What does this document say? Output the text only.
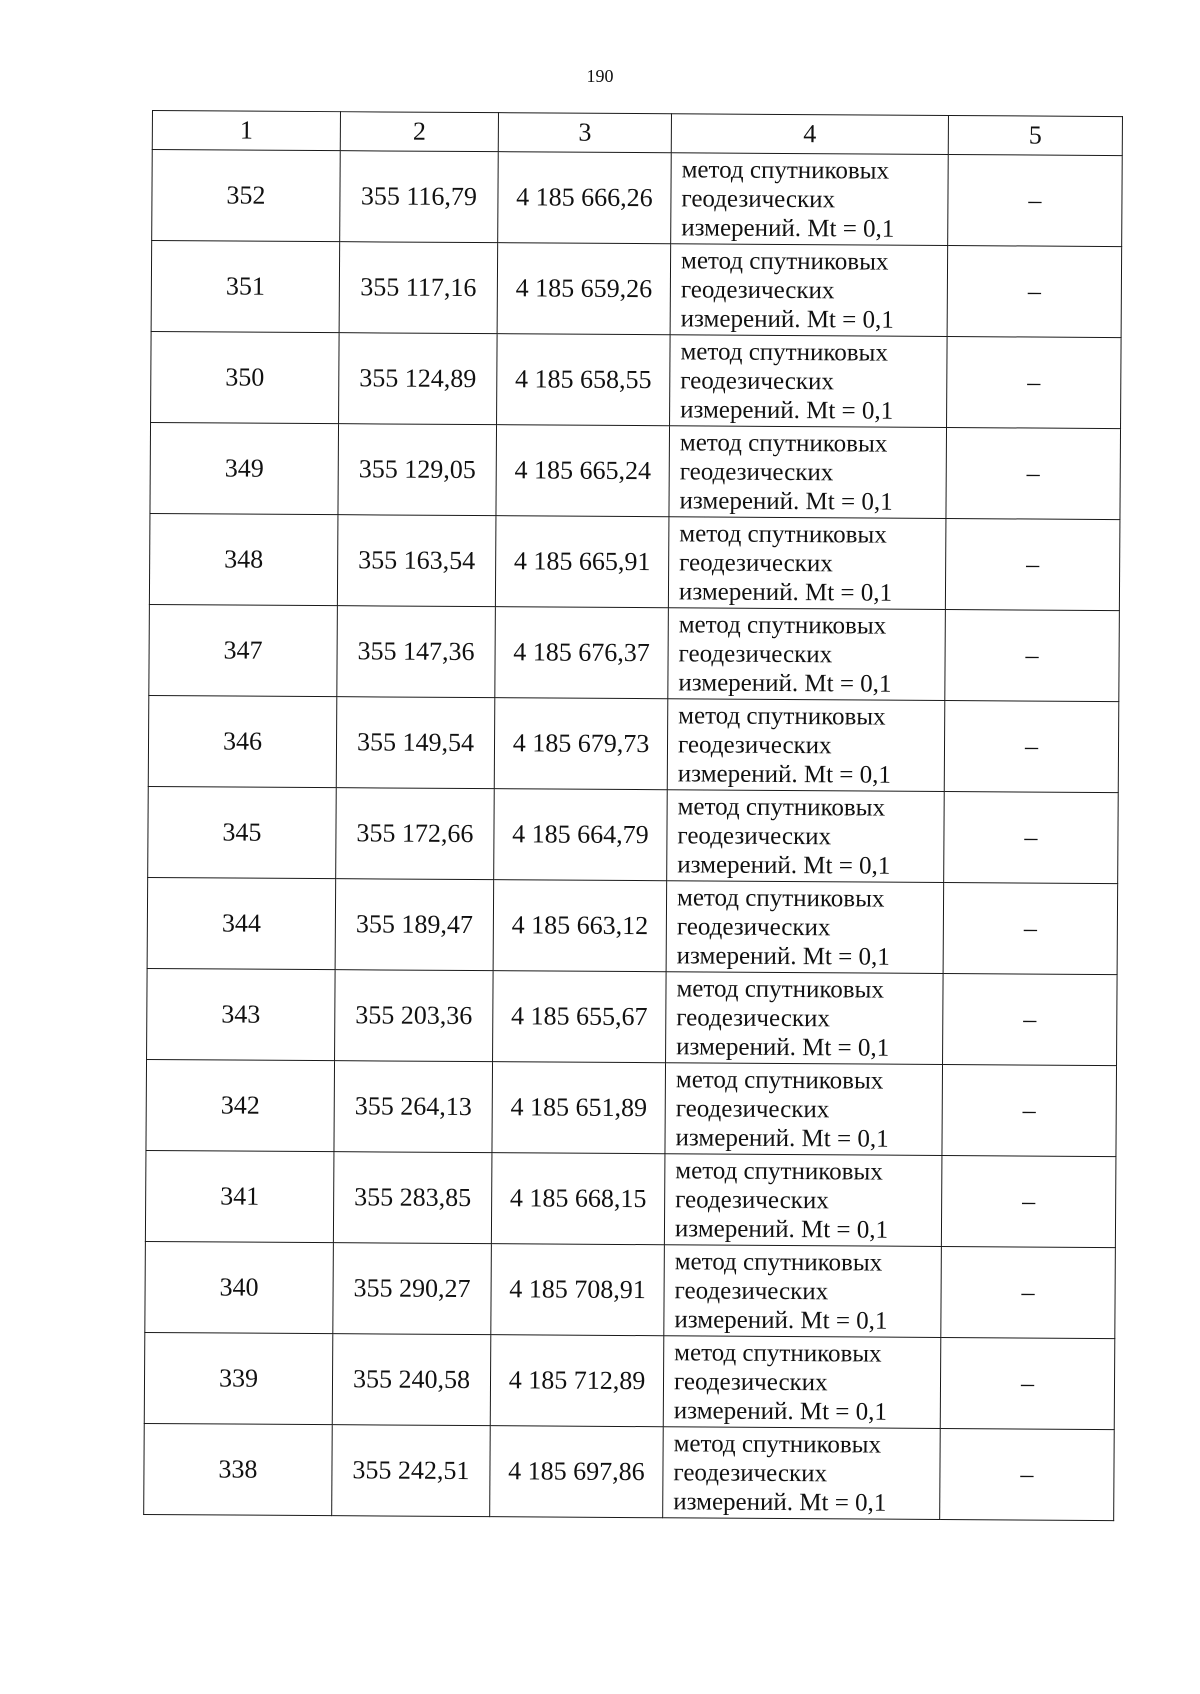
190
1	2	3	4	5
352	355 116,79	4 185 666,26	метод спутниковых
геодезических
измерений. Mt = 0,1	–
351	355 117,16	4 185 659,26	метод спутниковых
геодезических
измерений. Mt = 0,1	–
350	355 124,89	4 185 658,55	метод спутниковых
геодезических
измерений. Mt = 0,1	–
349	355 129,05	4 185 665,24	метод спутниковых
геодезических
измерений. Mt = 0,1	–
348	355 163,54	4 185 665,91	метод спутниковых
геодезических
измерений. Mt = 0,1	–
347	355 147,36	4 185 676,37	метод спутниковых
геодезических
измерений. Mt = 0,1	–
346	355 149,54	4 185 679,73	метод спутниковых
геодезических
измерений. Mt = 0,1	–
345	355 172,66	4 185 664,79	метод спутниковых
геодезических
измерений. Mt = 0,1	–
344	355 189,47	4 185 663,12	метод спутниковых
геодезических
измерений. Mt = 0,1	–
343	355 203,36	4 185 655,67	метод спутниковых
геодезических
измерений. Mt = 0,1	–
342	355 264,13	4 185 651,89	метод спутниковых
геодезических
измерений. Mt = 0,1	–
341	355 283,85	4 185 668,15	метод спутниковых
геодезических
измерений. Mt = 0,1	–
340	355 290,27	4 185 708,91	метод спутниковых
геодезических
измерений. Mt = 0,1	–
339	355 240,58	4 185 712,89	метод спутниковых
геодезических
измерений. Mt = 0,1	–
338	355 242,51	4 185 697,86	метод спутниковых
геодезических
измерений. Mt = 0,1	–
